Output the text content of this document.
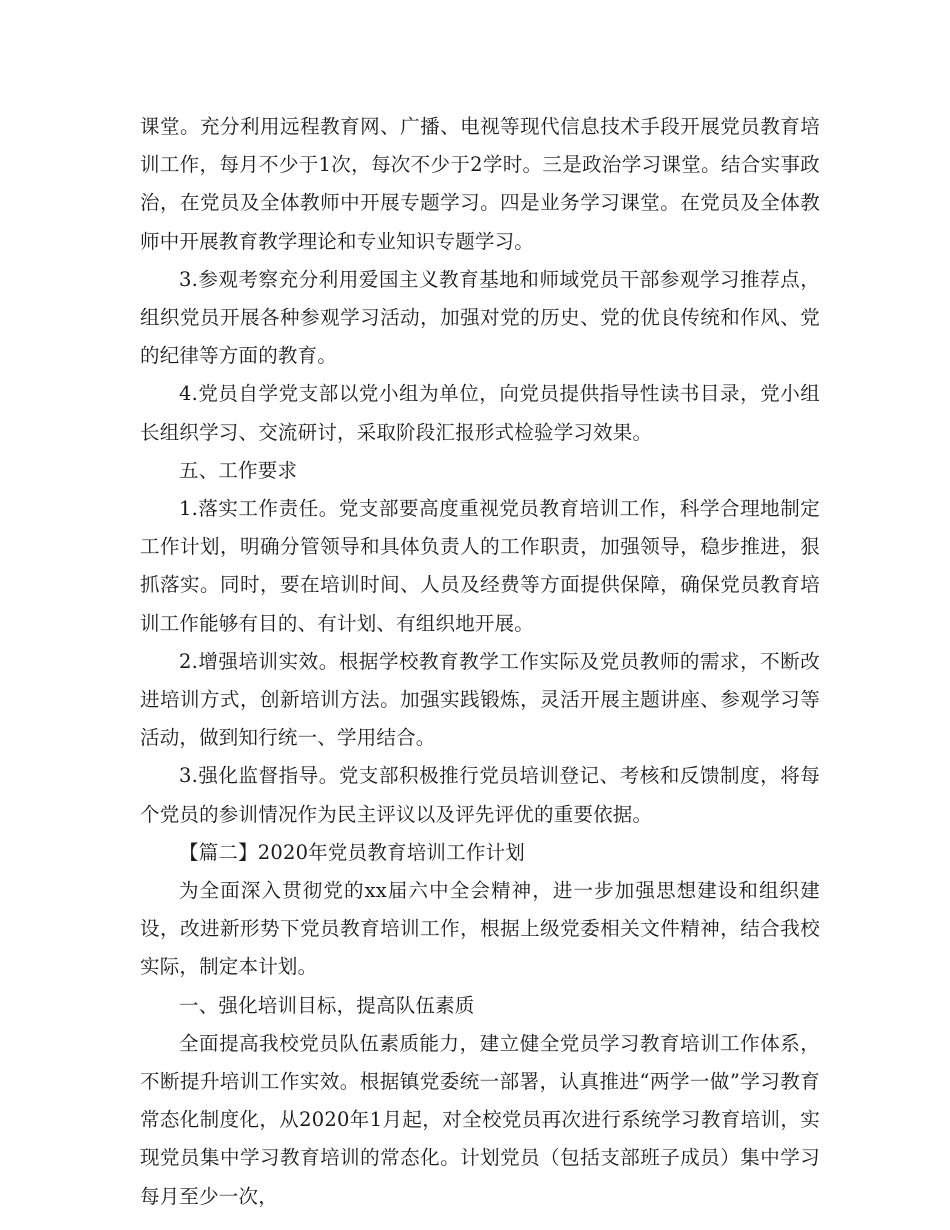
课堂。充分利用远程教育网、广播、电视等现代信息技术手段开展党员教育培训工作，每月不少于1次，每次不少于2学时。三是政治学习课堂。结合实事政治，在党员及全体教师中开展专题学习。四是业务学习课堂。在党员及全体教师中开展教育教学理论和专业知识专题学习。

3.参观考察充分利用爱国主义教育基地和师域党员干部参观学习推荐点，组织党员开展各种参观学习活动，加强对党的历史、党的优良传统和作风、党的纪律等方面的教育。

4.党员自学党支部以党小组为单位，向党员提供指导性读书目录，党小组长组织学习、交流研讨，采取阶段汇报形式检验学习效果。

五、工作要求

1.落实工作责任。党支部要高度重视党员教育培训工作，科学合理地制定工作计划，明确分管领导和具体负责人的工作职责，加强领导，稳步推进，狠抓落实。同时，要在培训时间、人员及经费等方面提供保障，确保党员教育培训工作能够有目的、有计划、有组织地开展。

2.增强培训实效。根据学校教育教学工作实际及党员教师的需求，不断改进培训方式，创新培训方法。加强实践锻炼，灵活开展主题讲座、参观学习等活动，做到知行统一、学用结合。

3.强化监督指导。党支部积极推行党员培训登记、考核和反馈制度，将每个党员的参训情况作为民主评议以及评先评优的重要依据。

【篇二】2020年党员教育培训工作计划

为全面深入贯彻党的xx届六中全会精神，进一步加强思想建设和组织建设，改进新形势下党员教育培训工作，根据上级党委相关文件精神，结合我校实际，制定本计划。

一、强化培训目标，提高队伍素质

全面提高我校党员队伍素质能力，建立健全党员学习教育培训工作体系，不断提升培训工作实效。根据镇党委统一部署，认真推进“两学一做”学习教育常态化制度化，从2020年1月起，对全校党员再次进行系统学习教育培训，实现党员集中学习教育培训的常态化。计划党员（包括支部班子成员）集中学习每月至少一次，
